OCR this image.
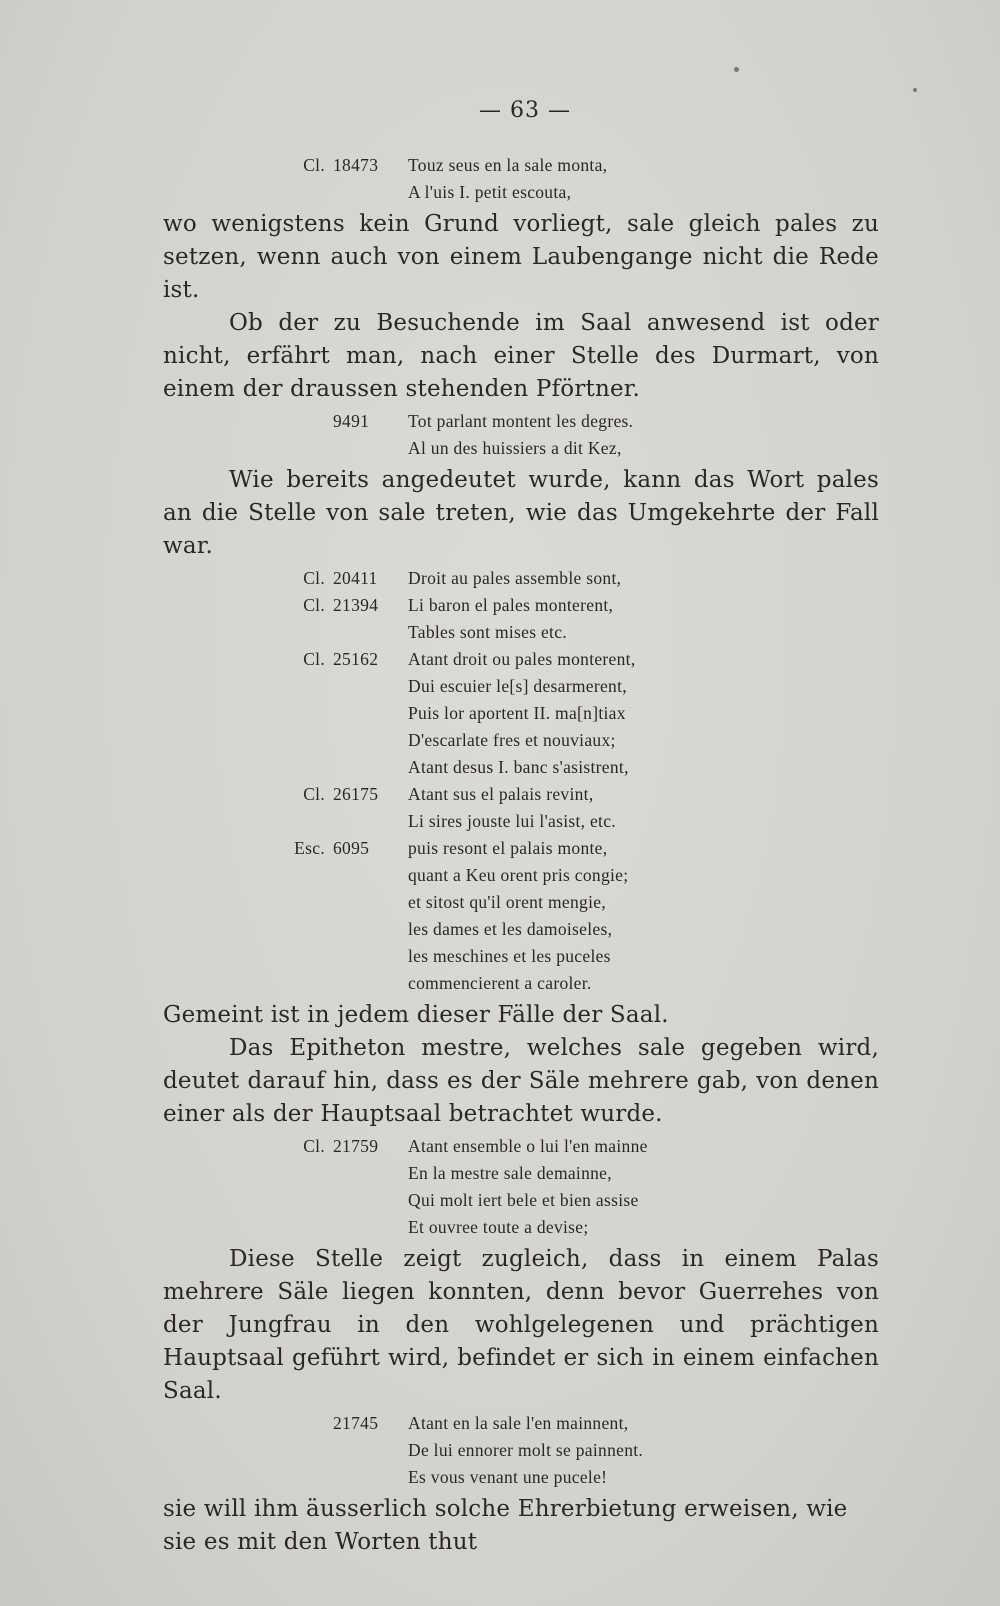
— 63 —
Cl. 18473	Touz seus en la sale monta,
A l'uis I. petit escouta,

wo wenigstens kein Grund vorliegt, sale gleich pales zu setzen, wenn auch von einem Laubengange nicht die Rede ist.

Ob der zu Besuchende im Saal anwesend ist oder nicht, erfährt man, nach einer Stelle des Durmart, von einem der draussen stehenden Pförtner.

9491	Tot parlant montent les degres.
Al un des huissiers a dit Kez,

Wie bereits angedeutet wurde, kann das Wort pales an die Stelle von sale treten, wie das Umgekehrte der Fall war.

Cl. 20411	Droit au pales assemble sont,
Cl. 21394	Li baron el pales monterent,
Tables sont mises etc.
Cl. 25162	Atant droit ou pales monterent,
Dui escuier le[s] desarmerent,
Puis lor aportent II. ma[n]tiax
D'escarlate fres et nouviaux;
Atant desus I. banc s'asistrent,
Cl. 26175	Atant sus el palais revint,
Li sires jouste lui l'asist, etc.
Esc. 6095	puis resont el palais monte,
quant a Keu orent pris congie;
et sitost qu'il orent mengie,
les dames et les damoiseles,
les meschines et les puceles
commencierent a caroler.

Gemeint ist in jedem dieser Fälle der Saal.

Das Epitheton mestre, welches sale gegeben wird, deutet darauf hin, dass es der Säle mehrere gab, von denen einer als der Hauptsaal betrachtet wurde.

Cl. 21759	Atant ensemble o lui l'en mainne
En la mestre sale demainne,
Qui molt iert bele et bien assise
Et ouvree toute a devise;

Diese Stelle zeigt zugleich, dass in einem Palas mehrere Säle liegen konnten, denn bevor Guerrehes von der Jungfrau in den wohlgelegenen und prächtigen Hauptsaal geführt wird, befindet er sich in einem einfachen Saal.

21745	Atant en la sale l'en mainnent,
De lui ennorer molt se painnent.
Es vous venant une pucele!

sie will ihm äusserlich solche Ehrerbietung erweisen, wie sie es mit den Worten thut
